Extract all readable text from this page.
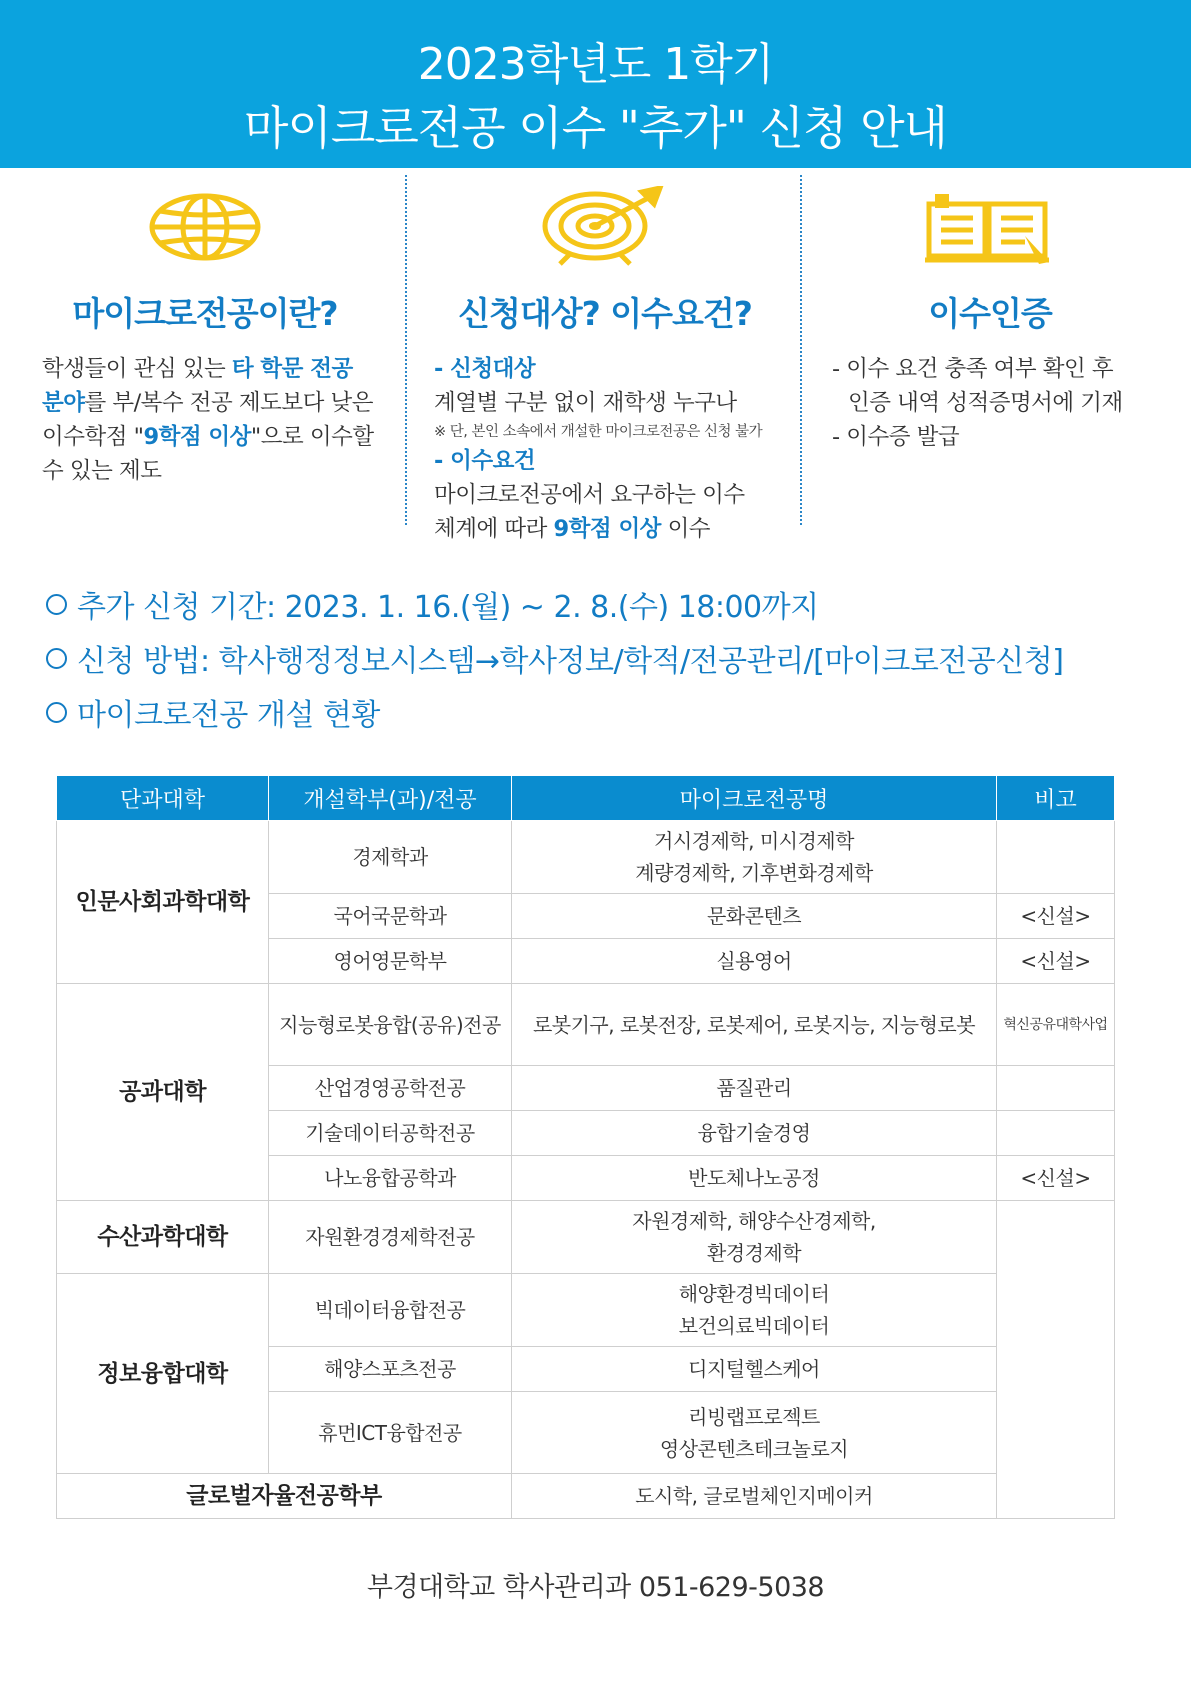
2023학년도 1학기
마이크로전공 이수 "추가" 신청 안내
마이크로전공이란?
학생들이 관심 있는 타 학문 전공
분야를 부/복수 전공 제도보다 낮은
이수학점 "9학점 이상"으로 이수할
수 있는 제도
신청대상? 이수요건?
- 신청대상
계열별 구분 없이 재학생 누구나
※ 단, 본인 소속에서 개설한 마이크로전공은 신청 불가
- 이수요건
마이크로전공에서 요구하는 이수
체계에 따라 9학점 이상 이수
이수인증
- 이수 요건 충족 여부 확인 후
인증 내역 성적증명서에 기재
- 이수증 발급
추가 신청 기간: 2023. 1. 16.(월) ~ 2. 8.(수) 18:00까지
신청 방법: 학사행정정보시스템→학사정보/학적/전공관리/[마이크로전공신청]
마이크로전공 개설 현황
단과대학	개설학부(과)/전공	마이크로전공명	비고
인문사회과학대학	경제학과	거시경제학, 미시경제학
계량경제학, 기후변화경제학	

	국어국문학과	문화콘텐츠	<신설>
	영어영문학부	실용영어	<신설>
공과대학	지능형로봇융합(공유)전공	로봇기구, 로봇전장, 로봇제어, 로봇지능, 지능형로봇	혁신공유대학사업
	산업경영공학전공	품질관리	

	기술데이터공학전공	융합기술경영	

	나노융합공학과	반도체나노공정	<신설>
수산과학대학	자원환경경제학전공	자원경제학, 해양수산경제학,
환경경제학	

정보융합대학	빅데이터융합전공	해양환경빅데이터
보건의료빅데이터	

	해양스포츠전공	디지털헬스케어	

	휴먼ICT융합전공	리빙랩프로젝트
영상콘텐츠테크놀로지	

글로벌자율전공학부		도시학, 글로벌체인지메이커	
부경대학교 학사관리과 051-629-5038
